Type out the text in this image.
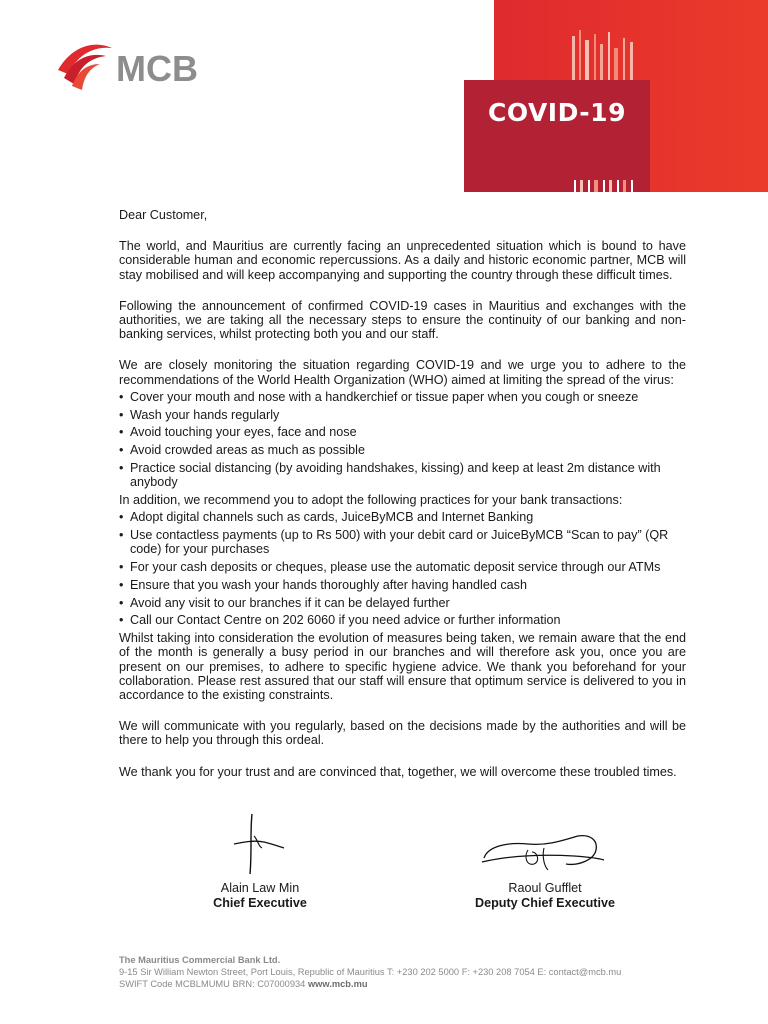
MCB
COVID-19

Dear Customer,

The world, and Mauritius are currently facing an unprecedented situation which is bound to have considerable human and economic repercussions. As a daily and historic economic partner, MCB will stay mobilised and will keep accompanying and supporting the country through these difficult times.

Following the announcement of confirmed COVID-19 cases in Mauritius and exchanges with the authorities, we are taking all the necessary steps to ensure the continuity of our banking and non-banking services, whilst protecting both you and our staff.

We are closely monitoring the situation regarding COVID-19 and we urge you to adhere to the recommendations of the World Health Organization (WHO) aimed at limiting the spread of the virus:

• Cover your mouth and nose with a handkerchief or tissue paper when you cough or sneeze
• Wash your hands regularly
• Avoid touching your eyes, face and nose
• Avoid crowded areas as much as possible
• Practice social distancing (by avoiding handshakes, kissing) and keep at least 2m distance with anybody

In addition, we recommend you to adopt the following practices for your bank transactions:

• Adopt digital channels such as cards, JuiceByMCB and Internet Banking
• Use contactless payments (up to Rs 500) with your debit card or JuiceByMCB “Scan to pay” (QR code) for your purchases
• For your cash deposits or cheques, please use the automatic deposit service through our ATMs
• Ensure that you wash your hands thoroughly after having handled cash
• Avoid any visit to our branches if it can be delayed further
• Call our Contact Centre on 202 6060 if you need advice or further information

Whilst taking into consideration the evolution of measures being taken, we remain aware that the end of the month is generally a busy period in our branches and will therefore ask you, once you are present on our premises, to adhere to specific hygiene advice. We thank you beforehand for your collaboration. Please rest assured that our staff will ensure that optimum service is delivered to you in accordance to the existing constraints.

We will communicate with you regularly, based on the decisions made by the authorities and will be there to help you through this ordeal.

We thank you for your trust and are convinced that, together, we will overcome these troubled times.

Alain Law Min
Chief Executive
Raoul Gufflet
Deputy Chief Executive
The Mauritius Commercial Bank Ltd.
9-15 Sir William Newton Street, Port Louis, Republic of Mauritius T: +230 202 5000 F: +230 208 7054 E: contact@mcb.mu
SWIFT Code MCBLMUMU BRN: C07000934 www.mcb.mu
